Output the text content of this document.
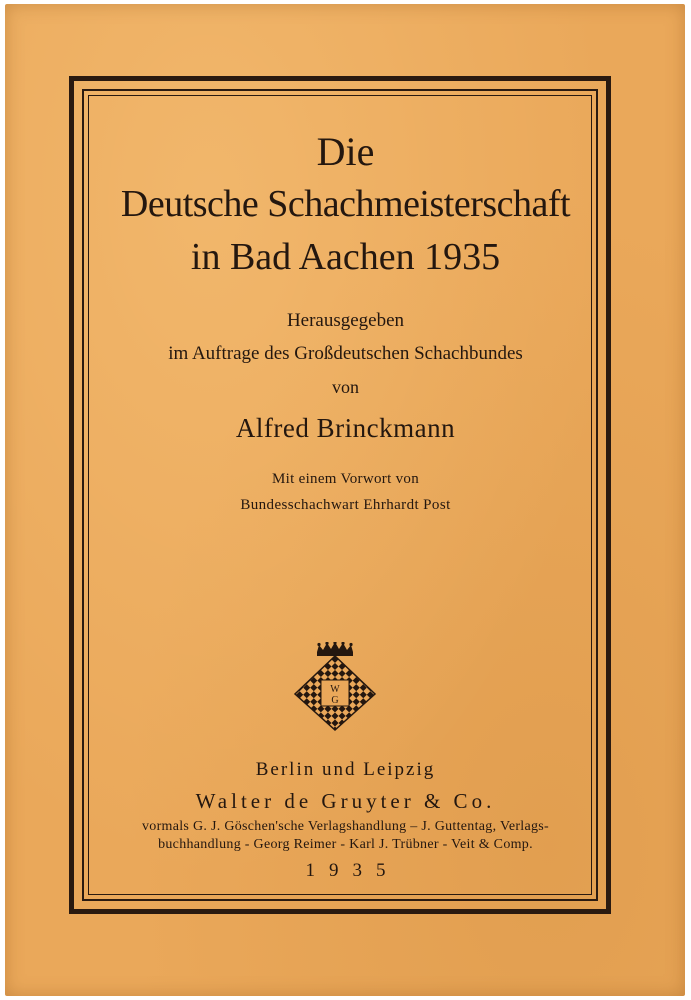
Die
Deutsche Schachmeisterschaft
in Bad Aachen 1935
Herausgegeben
im Auftrage des Großdeutschen Schachbundes
von
Alfred Brinckmann
Mit einem Vorwort von
Bundesschachwart Ehrhardt Post
W
G
Berlin und Leipzig
Walter de Gruyter & Co.
vormals G. J. Göschen'sche Verlagshandlung – J. Guttentag, Verlags-
buchhandlung - Georg Reimer - Karl J. Trübner - Veit & Comp.
1935
